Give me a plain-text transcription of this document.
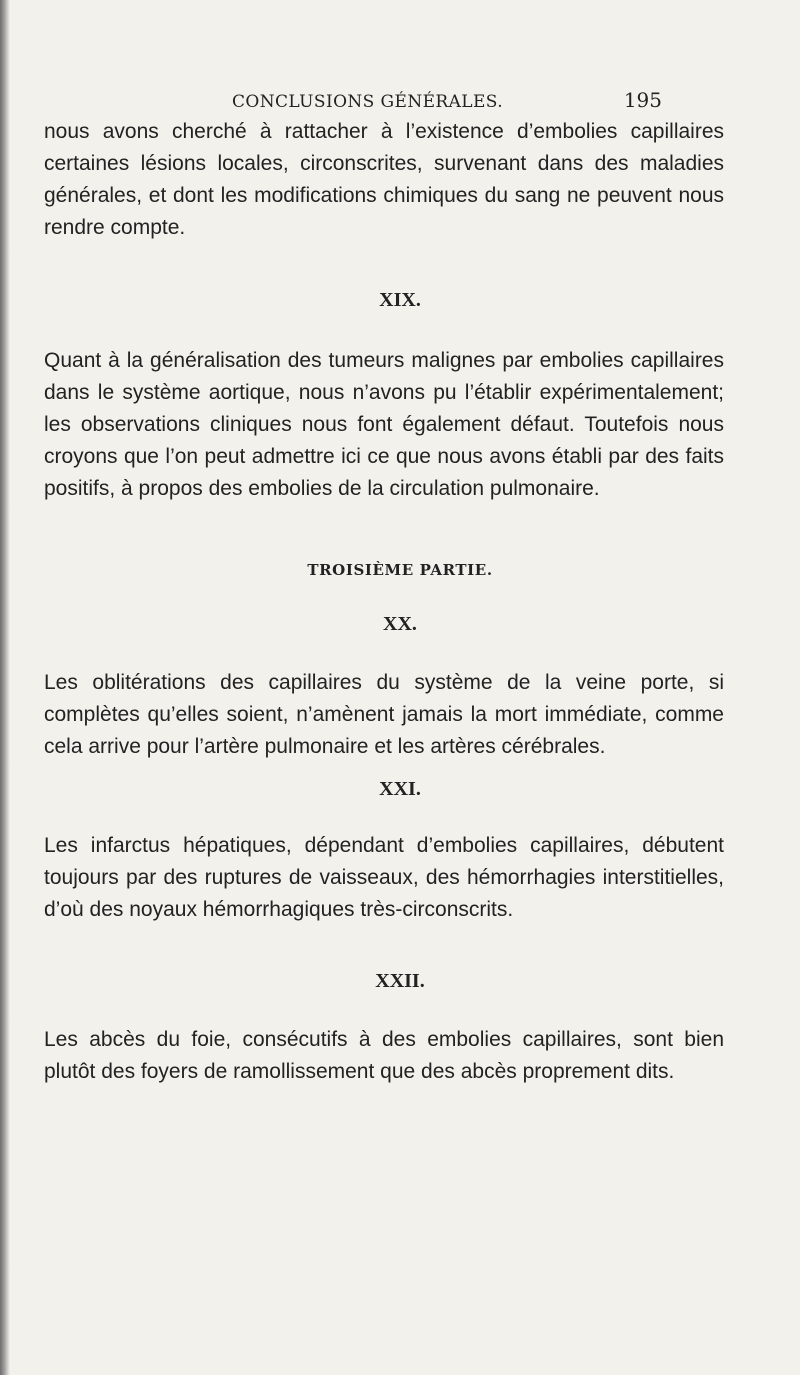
CONCLUSIONS GÉNÉRALES.	195

nous avons cherché à rattacher à l’existence d’embolies capillaires certaines lésions locales, circonscrites, survenant dans des maladies générales, et dont les modifications chimiques du sang ne peuvent nous rendre compte.

XIX.

Quant à la généralisation des tumeurs malignes par embolies capillaires dans le système aortique, nous n’avons pu l’établir expérimentalement; les observations cliniques nous font également défaut. Toutefois nous croyons que l’on peut admettre ici ce que nous avons établi par des faits positifs, à propos des embolies de la circulation pulmonaire.

TROISIÈME PARTIE.
XX.

Les oblitérations des capillaires du système de la veine porte, si complètes qu’elles soient, n’amènent jamais la mort immédiate, comme cela arrive pour l’artère pulmonaire et les artères cérébrales.

XXI.

Les infarctus hépatiques, dépendant d’embolies capillaires, débutent toujours par des ruptures de vaisseaux, des hémorrhagies interstitielles, d’où des noyaux hémorrhagiques très-circonscrits.

XXII.

Les abcès du foie, consécutifs à des embolies capillaires, sont bien plutôt des foyers de ramollissement que des abcès proprement dits.
